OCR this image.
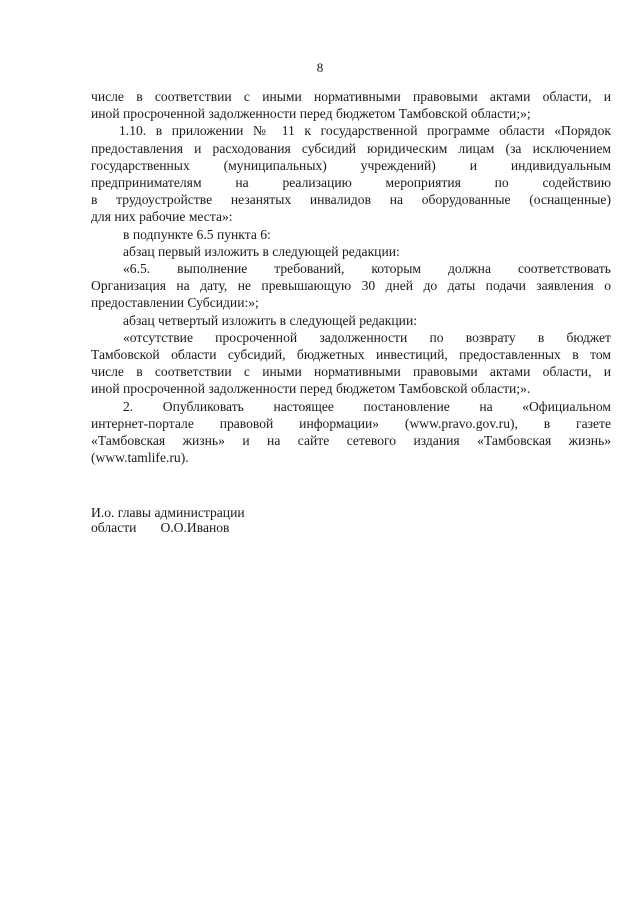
8

числе в соответствии с иными нормативными правовыми актами области, и

иной просроченной задолженности перед бюджетом Тамбовской области;»;

1.10. в приложении № 11 к государственной программе области «Порядок

предоставления и расходования субсидий юридическим лицам (за исключением

государственных (муниципальных) учреждений) и индивидуальным

предпринимателям на реализацию мероприятия по содействию

в трудоустройстве незанятых инвалидов на оборудованные (оснащенные)

для них рабочие места»:

в подпункте 6.5 пункта 6:

абзац первый изложить в следующей редакции:

«6.5. выполнение требований, которым должна соответствовать

Организация на дату, не превышающую 30 дней до даты подачи заявления о

предоставлении Субсидии:»;

абзац четвертый изложить в следующей редакции:

«отсутствие просроченной задолженности по возврату в бюджет

Тамбовской области субсидий, бюджетных инвестиций, предоставленных в том

числе в соответствии с иными нормативными правовыми актами области, и

иной просроченной задолженности перед бюджетом Тамбовской области;».

2. Опубликовать настоящее постановление на «Официальном

интернет-портале правовой информации» (www.pravo.gov.ru), в газете

«Тамбовская жизнь» и на сайте сетевого издания «Тамбовская жизнь»

(www.tamlife.ru).

И.о. главы администрации
области О.О.Иванов
